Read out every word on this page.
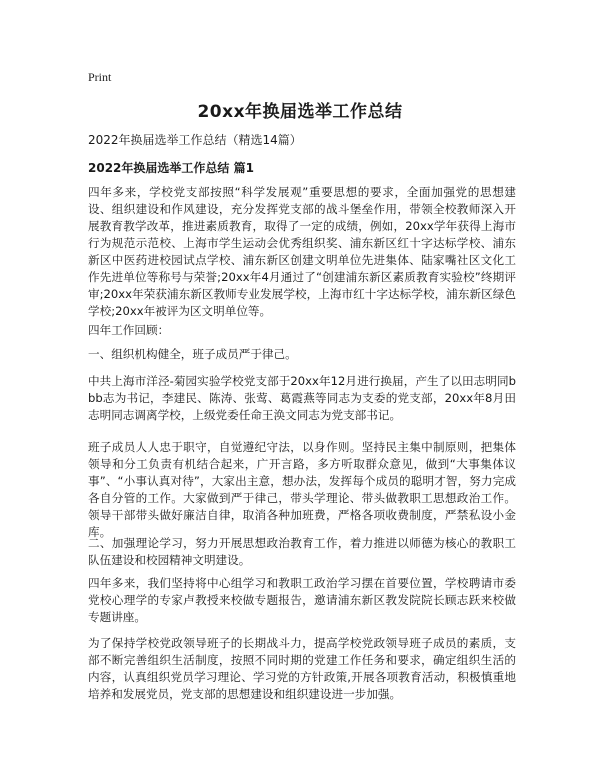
Print
20xx年换届选举工作总结

2022年换届选举工作总结（精选14篇）

2022年换届选举工作总结 篇1

四年多来，学校党支部按照“科学发展观”重要思想的要求，全面加强党的思想建设、组织建设和作风建设，充分发挥党支部的战斗堡垒作用，带领全校教师深入开展教育教学改革，推进素质教育，取得了一定的成绩，例如，20xx学年获得上海市行为规范示范校、上海市学生运动会优秀组织奖、浦东新区红十字达标学校、浦东新区中医药进校园试点学校、浦东新区创建文明单位先进集体、陆家嘴社区文化工作先进单位等称号与荣誉;20xx年4月通过了“创建浦东新区素质教育实验校”终期评审;20xx年荣获浦东新区教师专业发展学校，上海市红十字达标学校，浦东新区绿色学校;20xx年被评为区文明单位等。

四年工作回顾：

一、组织机构健全，班子成员严于律己。

中共上海市洋泾-菊园实验学校党支部于20xx年12月进行换届，产生了以田志明同bbb志为书记，李建民、陈涛、张莺、葛霞燕等同志为支委的党支部，20xx年8月田志明同志调离学校，上级党委任命王涣文同志为党支部书记。

班子成员人人忠于职守，自觉遵纪守法，以身作则。坚持民主集中制原则，把集体领导和分工负责有机结合起来，广开言路，多方听取群众意见，做到“大事集体议事”、“小事认真对待”，大家出主意，想办法，发挥每个成员的聪明才智，努力完成各自分管的工作。大家做到严于律己，带头学理论、带头做教职工思想政治工作。领导干部带头做好廉洁自律，取消各种加班费，严格各项收费制度，严禁私设小金库。

二、加强理论学习，努力开展思想政治教育工作，着力推进以师德为核心的教职工队伍建设和校园精神文明建设。

四年多来，我们坚持将中心组学习和教职工政治学习摆在首要位置，学校聘请市委党校心理学的专家卢教授来校做专题报告，邀请浦东新区教发院院长顾志跃来校做专题讲座。

为了保持学校党政领导班子的长期战斗力，提高学校党政领导班子成员的素质，支部不断完善组织生活制度，按照不同时期的党建工作任务和要求，确定组织生活的内容，认真组织党员学习理论、学习党的方针政策,开展各项教育活动，积极慎重地培养和发展党员，党支部的思想建设和组织建设进一步加强。
